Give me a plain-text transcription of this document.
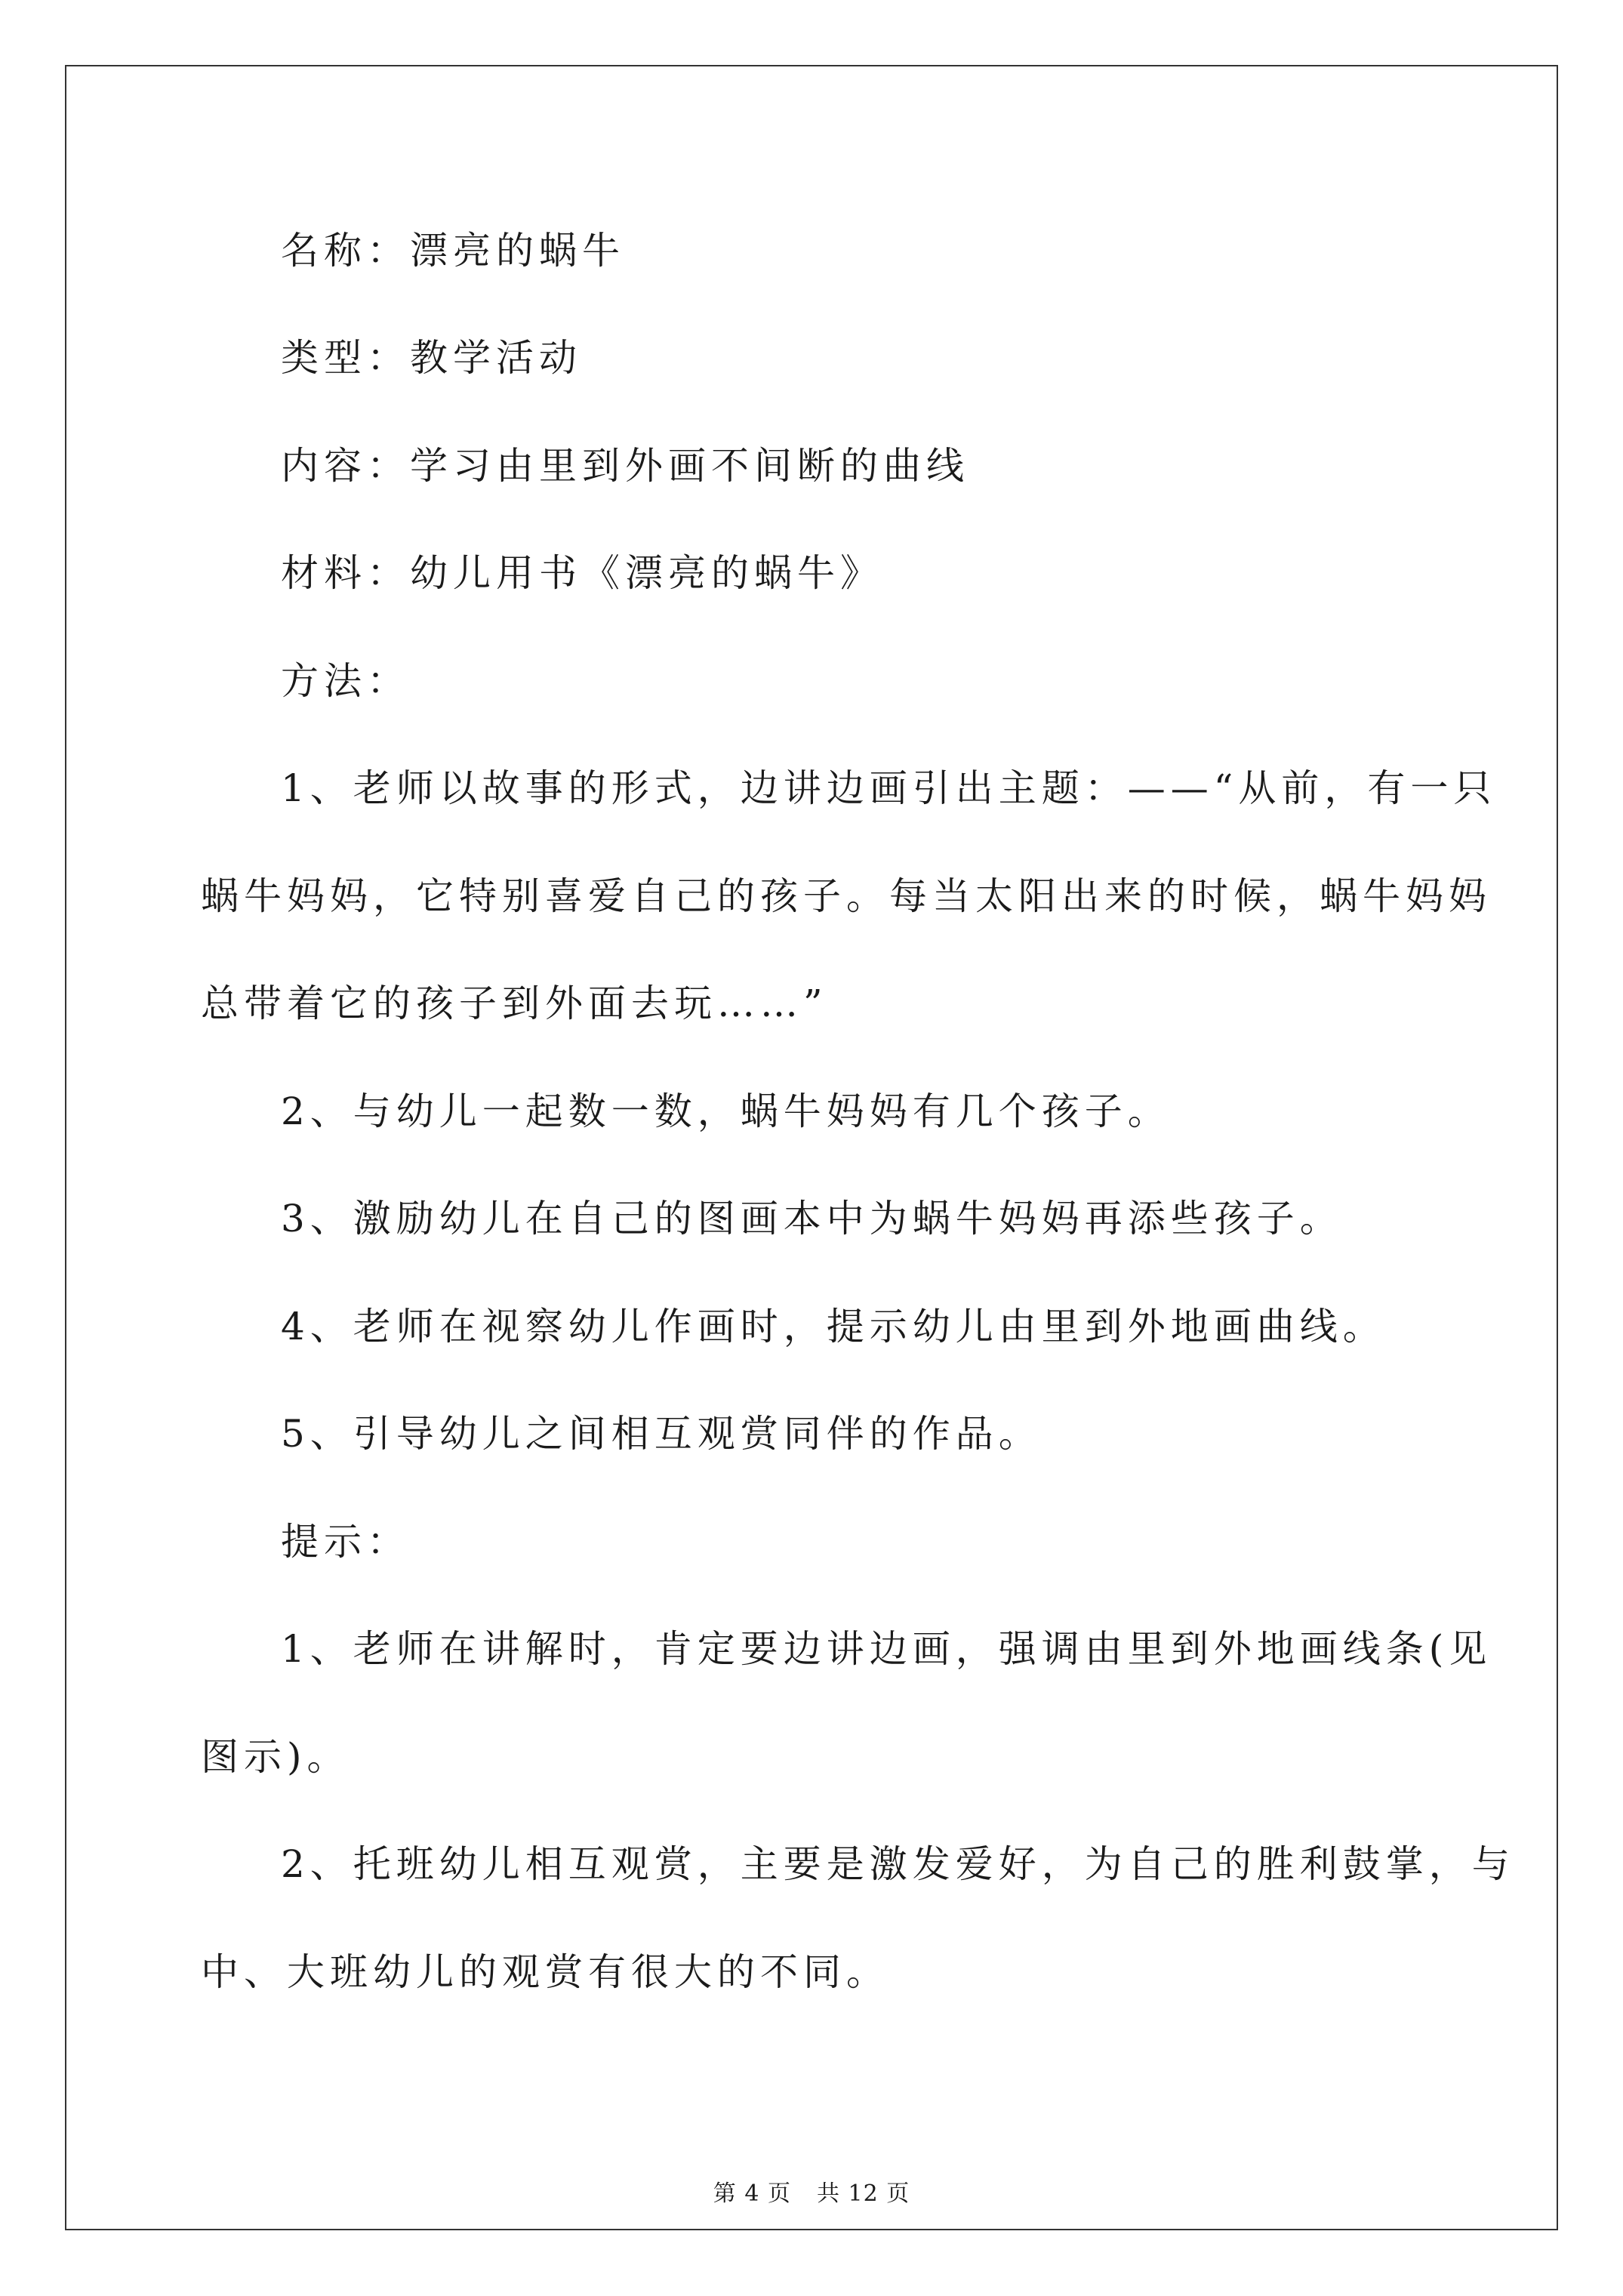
名称：漂亮的蜗牛
类型：教学活动
内容：学习由里到外画不间断的曲线
材料：幼儿用书《漂亮的蜗牛》
方法：
1、老师以故事的形式，边讲边画引出主题：——“从前，有一只
蜗牛妈妈，它特别喜爱自己的孩子。每当太阳出来的时候，蜗牛妈妈
总带着它的孩子到外面去玩……”
2、与幼儿一起数一数，蜗牛妈妈有几个孩子。
3、激励幼儿在自己的图画本中为蜗牛妈妈再添些孩子。
4、老师在视察幼儿作画时，提示幼儿由里到外地画曲线。
5、引导幼儿之间相互观赏同伴的作品。
提示：
1、老师在讲解时，肯定要边讲边画，强调由里到外地画线条(见
图示)。
2、托班幼儿相互观赏，主要是激发爱好，为自己的胜利鼓掌，与
中、大班幼儿的观赏有很大的不同。
第 4 页 共 12 页
